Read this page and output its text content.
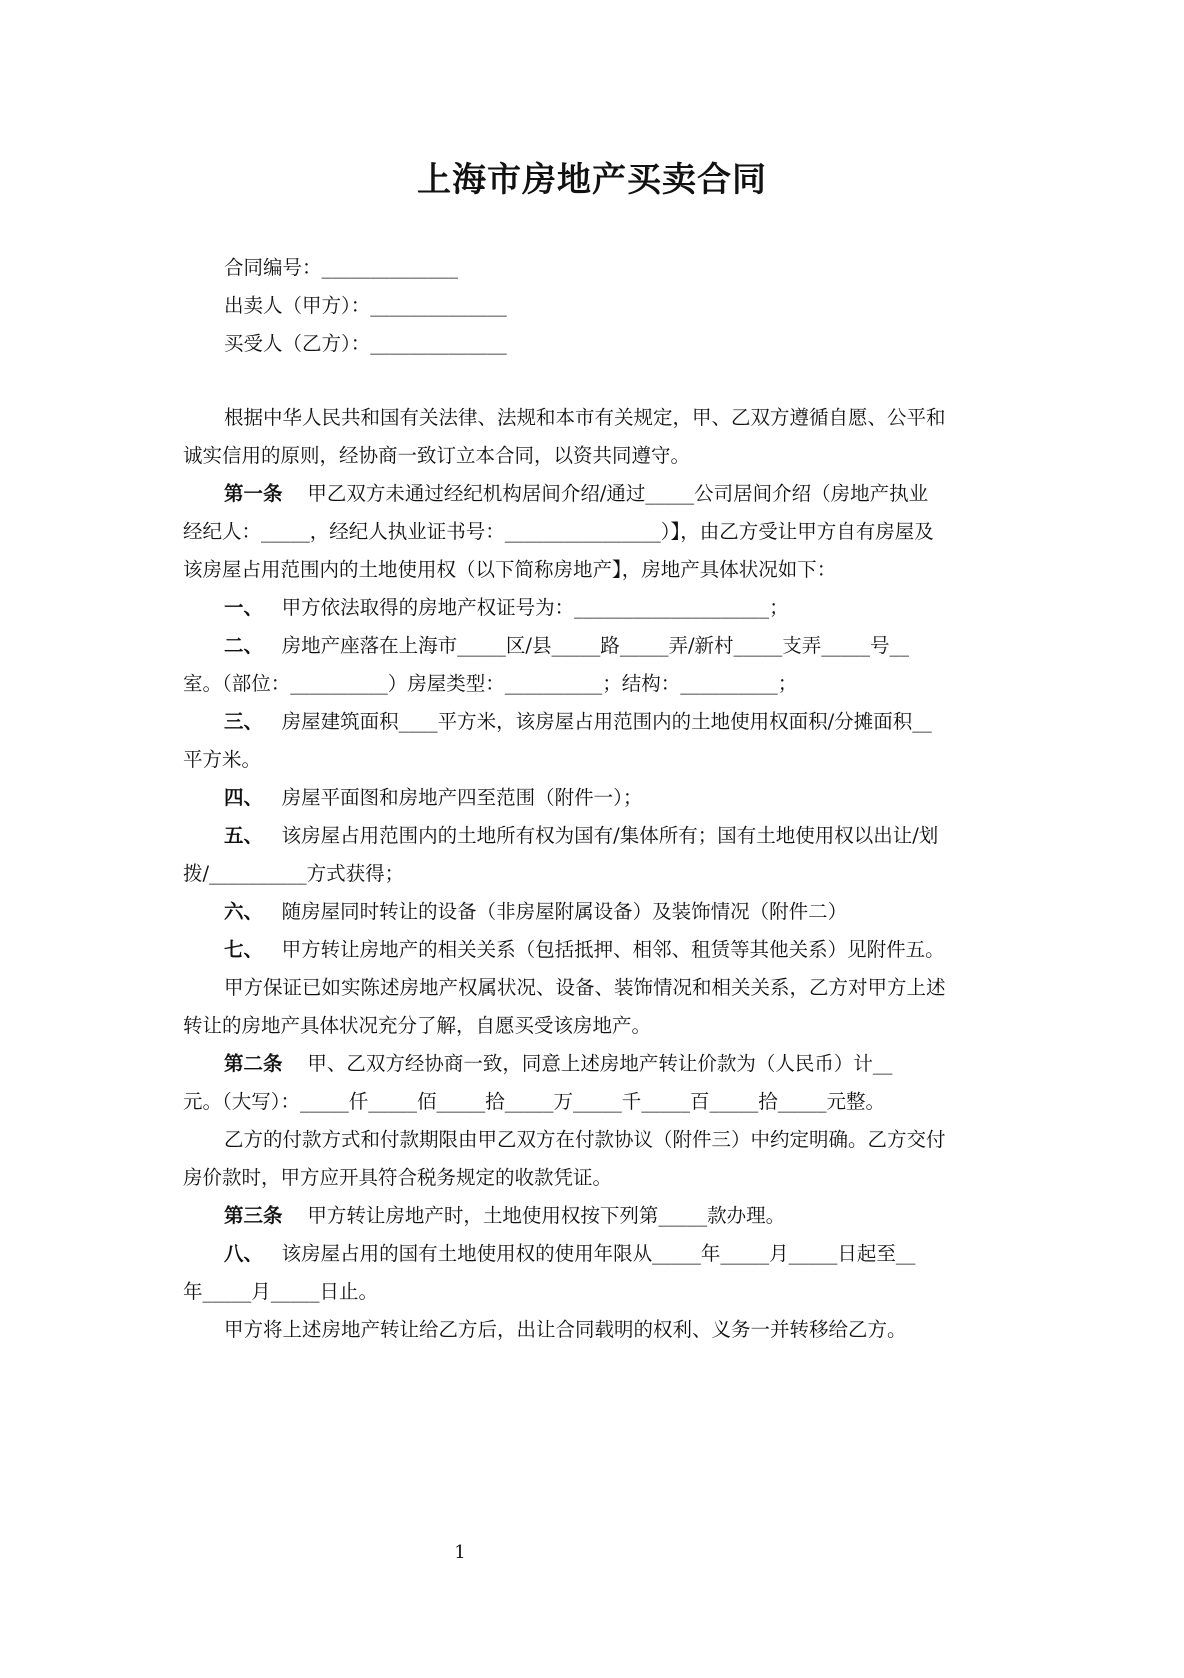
上海市房地产买卖合同
合同编号：______________
出卖人（甲方）：______________
买受人（乙方）：______________
根据中华人民共和国有关法律、法规和本市有关规定，甲、乙双方遵循自愿、公平和
诚实信用的原则，经协商一致订立本合同，以资共同遵守。
第一条 甲乙双方未通过经纪机构居间介绍/通过_____公司居间介绍（房地产执业
经纪人：_____，经纪人执业证书号：________________）】，由乙方受让甲方自有房屋及
该房屋占用范围内的土地使用权（以下简称房地产】，房地产具体状况如下：
一、 甲方依法取得的房地产权证号为：____________________；
二、 房地产座落在上海市_____区/县_____路_____弄/新村_____支弄_____号__
室。（部位：__________）房屋类型：__________；结构：__________；
三、 房屋建筑面积____平方米，该房屋占用范围内的土地使用权面积/分摊面积__
平方米。
四、 房屋平面图和房地产四至范围（附件一）；
五、 该房屋占用范围内的土地所有权为国有/集体所有；国有土地使用权以出让/划
拨/__________方式获得；
六、 随房屋同时转让的设备（非房屋附属设备）及装饰情况（附件二）
七、 甲方转让房地产的相关关系（包括抵押、相邻、租赁等其他关系）见附件五。
甲方保证已如实陈述房地产权属状况、设备、装饰情况和相关关系，乙方对甲方上述
转让的房地产具体状况充分了解，自愿买受该房地产。
第二条 甲、乙双方经协商一致，同意上述房地产转让价款为（人民币）计__
元。（大写）：_____仟_____佰_____拾_____万_____千_____百_____拾_____元整。
乙方的付款方式和付款期限由甲乙双方在付款协议（附件三）中约定明确。乙方交付
房价款时，甲方应开具符合税务规定的收款凭证。
第三条 甲方转让房地产时，土地使用权按下列第_____款办理。
八、 该房屋占用的国有土地使用权的使用年限从_____年_____月_____日起至__
年_____月_____日止。
甲方将上述房地产转让给乙方后，出让合同载明的权利、义务一并转移给乙方。
1
